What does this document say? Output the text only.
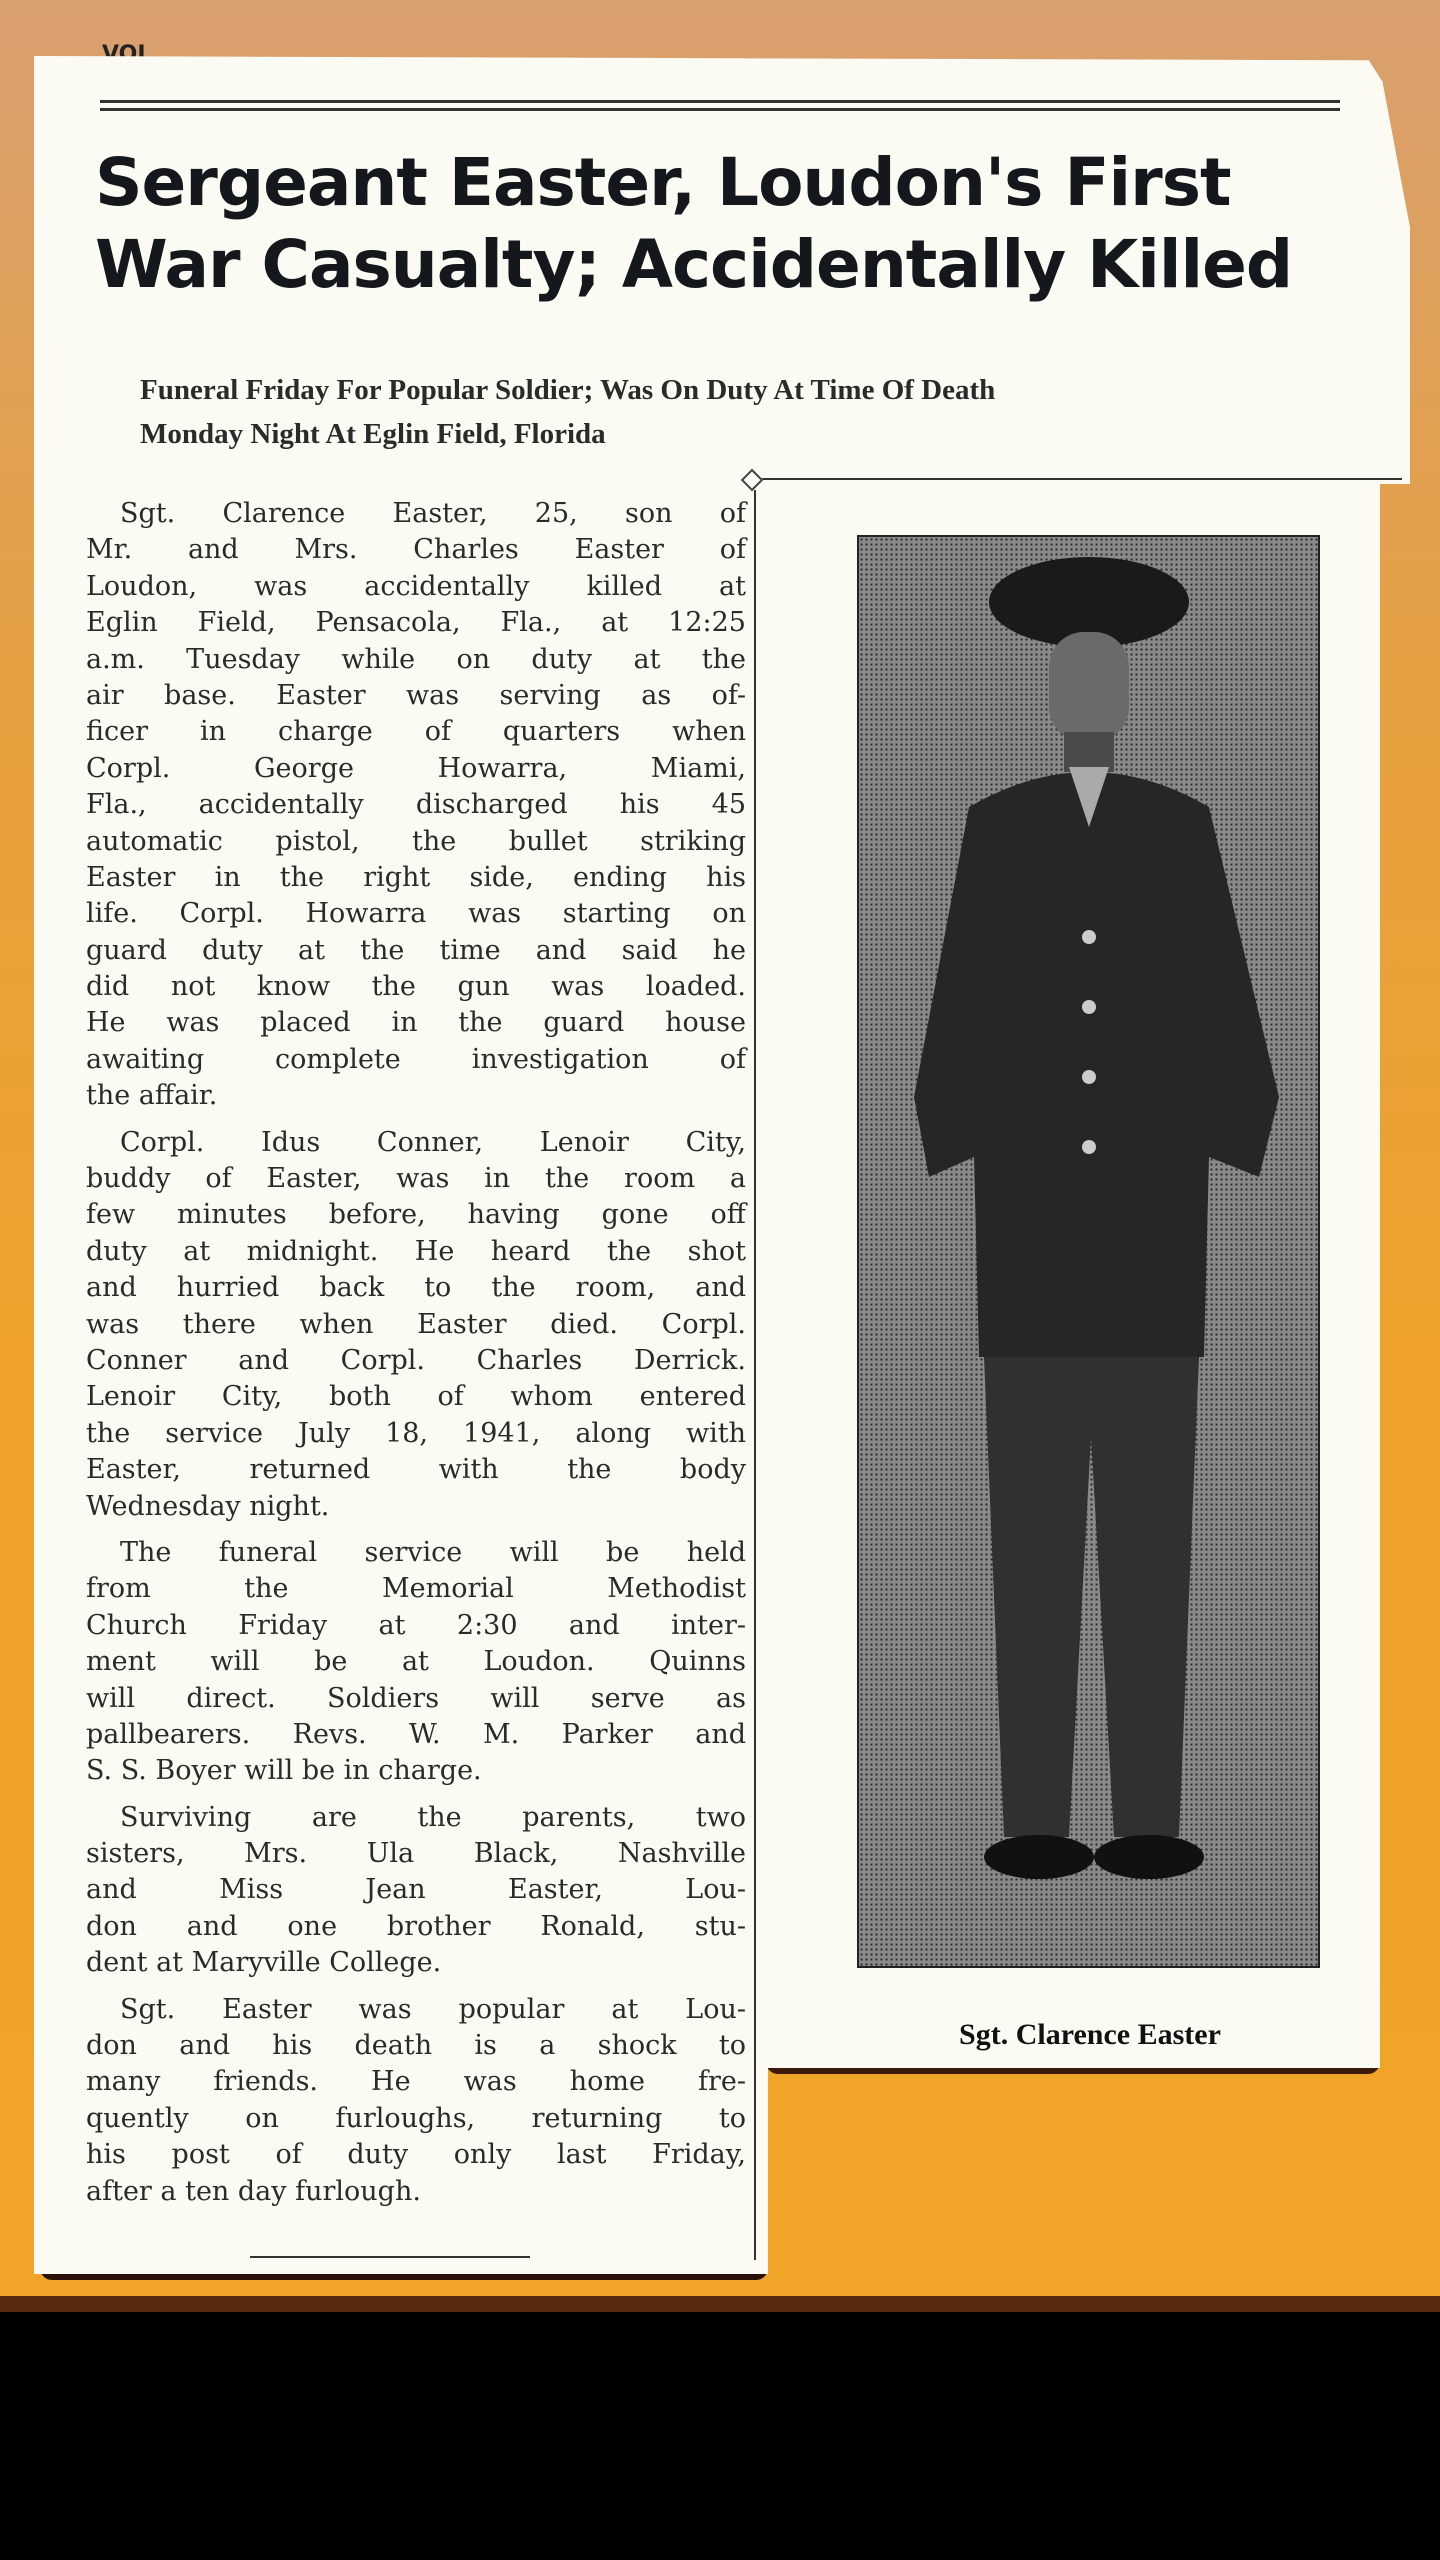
Sergeant Easter, Loudon's First
War Casualty; Accidentally Killed
Funeral Friday For Popular Soldier; Was On Duty At Time Of Death
Monday Night At Eglin Field, Florida
Sgt. Clarence Easter, 25, son of
Mr. and Mrs. Charles Easter of
Loudon, was accidentally killed at
Eglin Field, Pensacola, Fla., at 12:25
a.m. Tuesday while on duty at the
air base. Easter was serving as of-
ficer in charge of quarters when
Corpl. George Howarra, Miami,
Fla., accidentally discharged his 45
automatic pistol, the bullet striking
Easter in the right side, ending his
life. Corpl. Howarra was starting on
guard duty at the time and said he
did not know the gun was loaded.
He was placed in the guard house
awaiting complete investigation of
the affair.
Corpl. Idus Conner, Lenoir City,
buddy of Easter, was in the room a
few minutes before, having gone off
duty at midnight. He heard the shot
and hurried back to the room, and
was there when Easter died. Corpl.
Conner and Corpl. Charles Derrick.
Lenoir City, both of whom entered
the service July 18, 1941, along with
Easter, returned with the body
Wednesday night.
The funeral service will be held
from the Memorial Methodist
Church Friday at 2:30 and inter-
ment will be at Loudon. Quinns
will direct. Soldiers will serve as
pallbearers. Revs. W. M. Parker and
S. S. Boyer will be in charge.
Surviving are the parents, two
sisters, Mrs. Ula Black, Nashville
and Miss Jean Easter, Lou-
don and one brother Ronald, stu-
dent at Maryville College.
Sgt. Easter was popular at Lou-
don and his death is a shock to
many friends. He was home fre-
quently on furloughs, returning to
his post of duty only last Friday,
after a ten day furlough.
Sgt. Clarence Easter
